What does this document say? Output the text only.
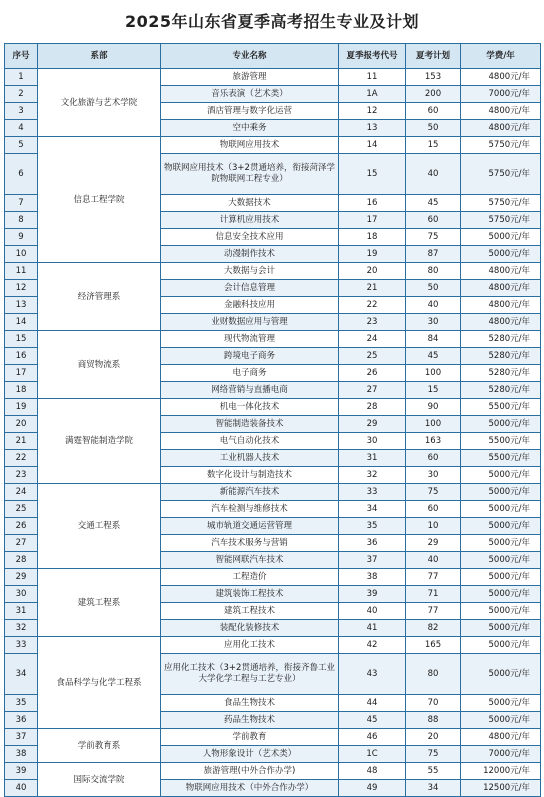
2025年山东省夏季高考招生专业及计划
序号	系部	专业名称	夏季报考代号	夏考计划	学费/年
1	文化旅游与艺术学院	旅游管理	11	153	4800元/年
2		音乐表演（艺术类）	1A	200	7000元/年
3		酒店管理与数字化运营	12	60	4800元/年
4		空中乘务	13	50	4800元/年
5	信息工程学院	物联网应用技术	14	15	5750元/年
6		物联网应用技术（3+2贯通培养，衔接菏泽学院物联网工程专业）	15	40	5750元/年
7		大数据技术	16	45	5750元/年
8		计算机应用技术	17	60	5750元/年
9		信息安全技术应用	18	75	5000元/年
10		动漫制作技术	19	87	5000元/年
11	经济管理系	大数据与会计	20	80	4800元/年
12		会计信息管理	21	50	4800元/年
13		金融科技应用	22	40	4800元/年
14		业财数据应用与管理	23	30	4800元/年
15	商贸物流系	现代物流管理	24	84	5280元/年
16		跨境电子商务	25	45	5280元/年
17		电子商务	26	100	5280元/年
18		网络营销与直播电商	27	15	5280元/年
19	满霆智能制造学院	机电一体化技术	28	90	5500元/年
20		智能制造装备技术	29	100	5000元/年
21		电气自动化技术	30	163	5500元/年
22		工业机器人技术	31	60	5500元/年
23		数字化设计与制造技术	32	30	5000元/年
24	交通工程系	新能源汽车技术	33	75	5000元/年
25		汽车检测与维修技术	34	60	5000元/年
26		城市轨道交通运营管理	35	10	5000元/年
27		汽车技术服务与营销	36	29	5000元/年
28		智能网联汽车技术	37	40	5000元/年
29	建筑工程系	工程造价	38	77	5000元/年
30		建筑装饰工程技术	39	71	5000元/年
31		建筑工程技术	40	77	5000元/年
32		装配化装修技术	41	82	5000元/年
33	食品科学与化学工程系	应用化工技术	42	165	5000元/年
34		应用化工技术（3+2贯通培养，衔接齐鲁工业大学化学工程与工艺专业）	43	80	5000元/年
35		食品生物技术	44	70	5000元/年
36		药品生物技术	45	88	5000元/年
37	学前教育系	学前教育	46	20	4800元/年
38		人物形象设计（艺术类）	1C	75	7000元/年
39	国际交流学院	旅游管理(中外合作办学)	48	55	12000元/年
40		物联网应用技术（中外合作办学）	49	34	12500元/年
